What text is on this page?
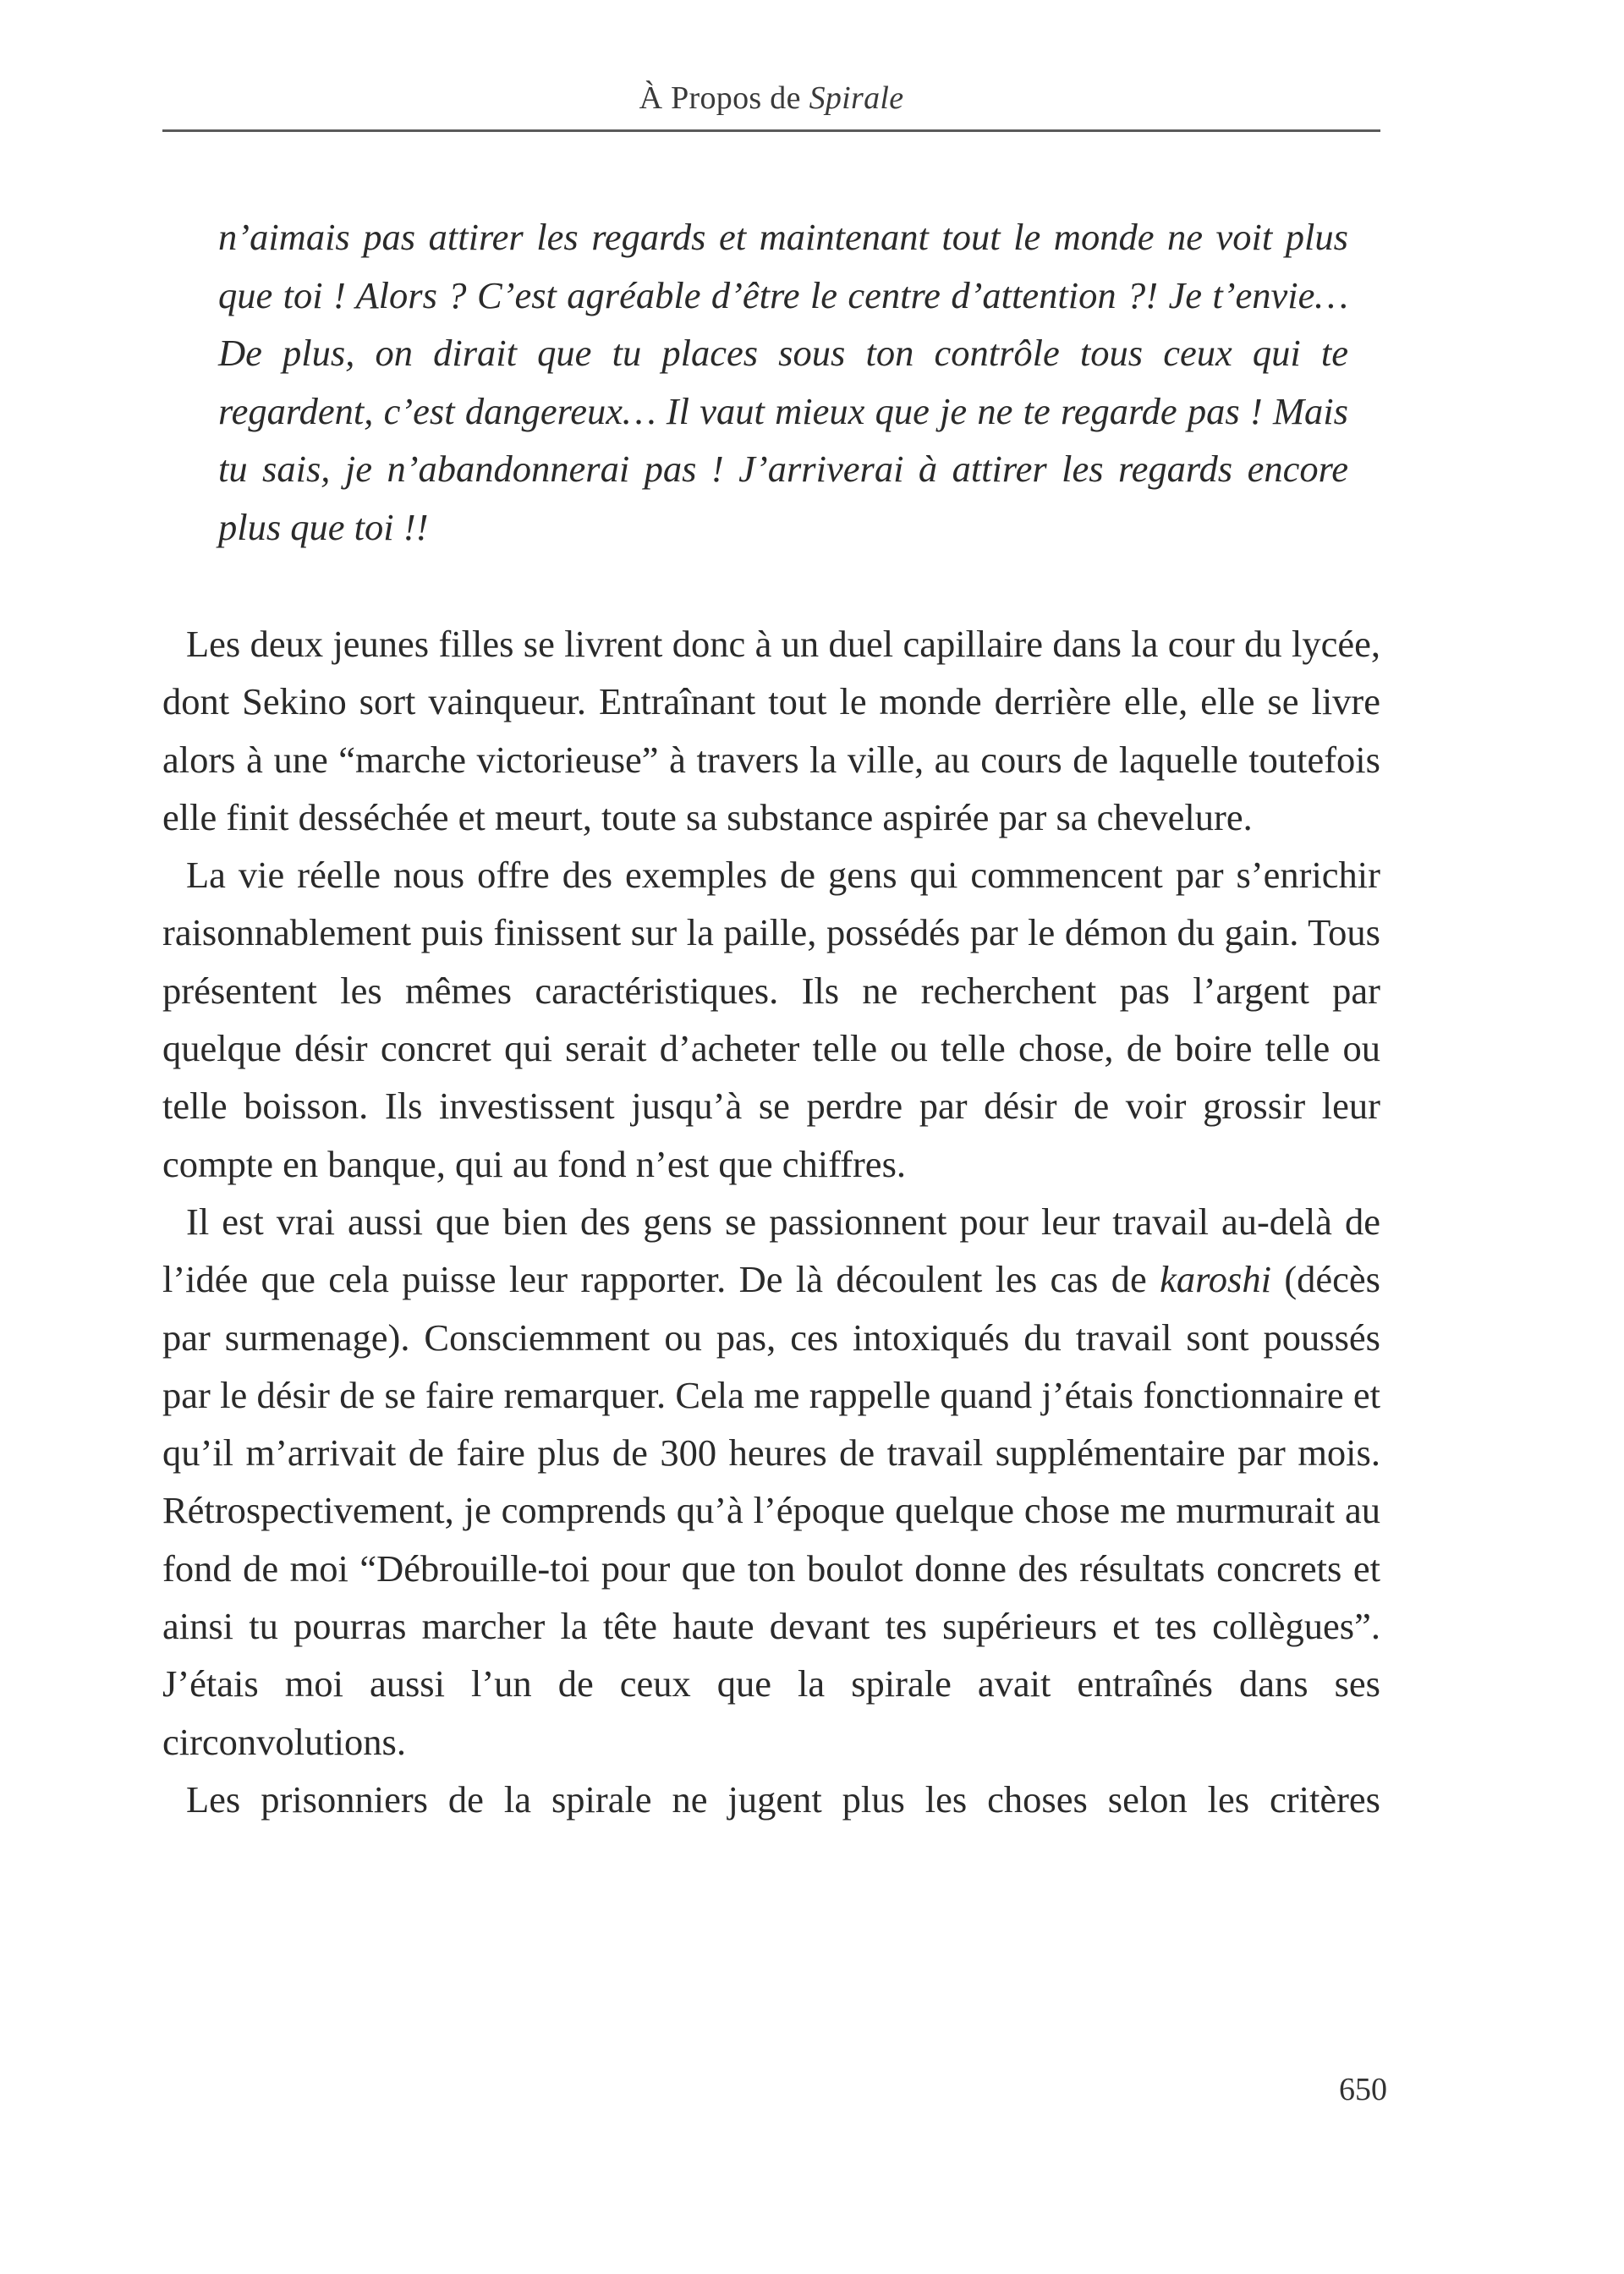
À Propos de Spirale

n’aimais pas attirer les regards et maintenant tout le monde ne voit plus que toi ! Alors ? C’est agréable d’être le centre d’attention ?! Je t’envie… De plus, on dirait que tu places sous ton contrôle tous ceux qui te regardent, c’est dangereux… Il vaut mieux que je ne te regarde pas ! Mais tu sais, je n’abandonnerai pas ! J’arriverai à attirer les regards encore plus que toi !!

Les deux jeunes filles se livrent donc à un duel capillaire dans la cour du lycée, dont Sekino sort vainqueur. Entraînant tout le monde derrière elle, elle se livre alors à une “marche victorieuse” à travers la ville, au cours de laquelle toutefois elle finit desséchée et meurt, toute sa substance aspirée par sa chevelure.

La vie réelle nous offre des exemples de gens qui commencent par s’enrichir raisonnablement puis finissent sur la paille, possédés par le démon du gain. Tous présentent les mêmes caractéristiques. Ils ne recherchent pas l’argent par quelque désir concret qui serait d’acheter telle ou telle chose, de boire telle ou telle boisson. Ils investissent jusqu’à se perdre par désir de voir grossir leur compte en banque, qui au fond n’est que chiffres.

Il est vrai aussi que bien des gens se passionnent pour leur travail au-delà de l’idée que cela puisse leur rapporter. De là découlent les cas de karoshi (décès par surmenage). Consciemment ou pas, ces intoxiqués du travail sont poussés par le désir de se faire remarquer. Cela me rappelle quand j’étais fonctionnaire et qu’il m’arrivait de faire plus de 300 heures de travail supplémentaire par mois. Rétrospectivement, je comprends qu’à l’époque quelque chose me murmurait au fond de moi “Débrouille-toi pour que ton boulot donne des résultats concrets et ainsi tu pourras marcher la tête haute devant tes supérieurs et tes collègues”. J’étais moi aussi l’un de ceux que la spirale avait entraînés dans ses circonvolutions.

Les prisonniers de la spirale ne jugent plus les choses selon les critères

650
